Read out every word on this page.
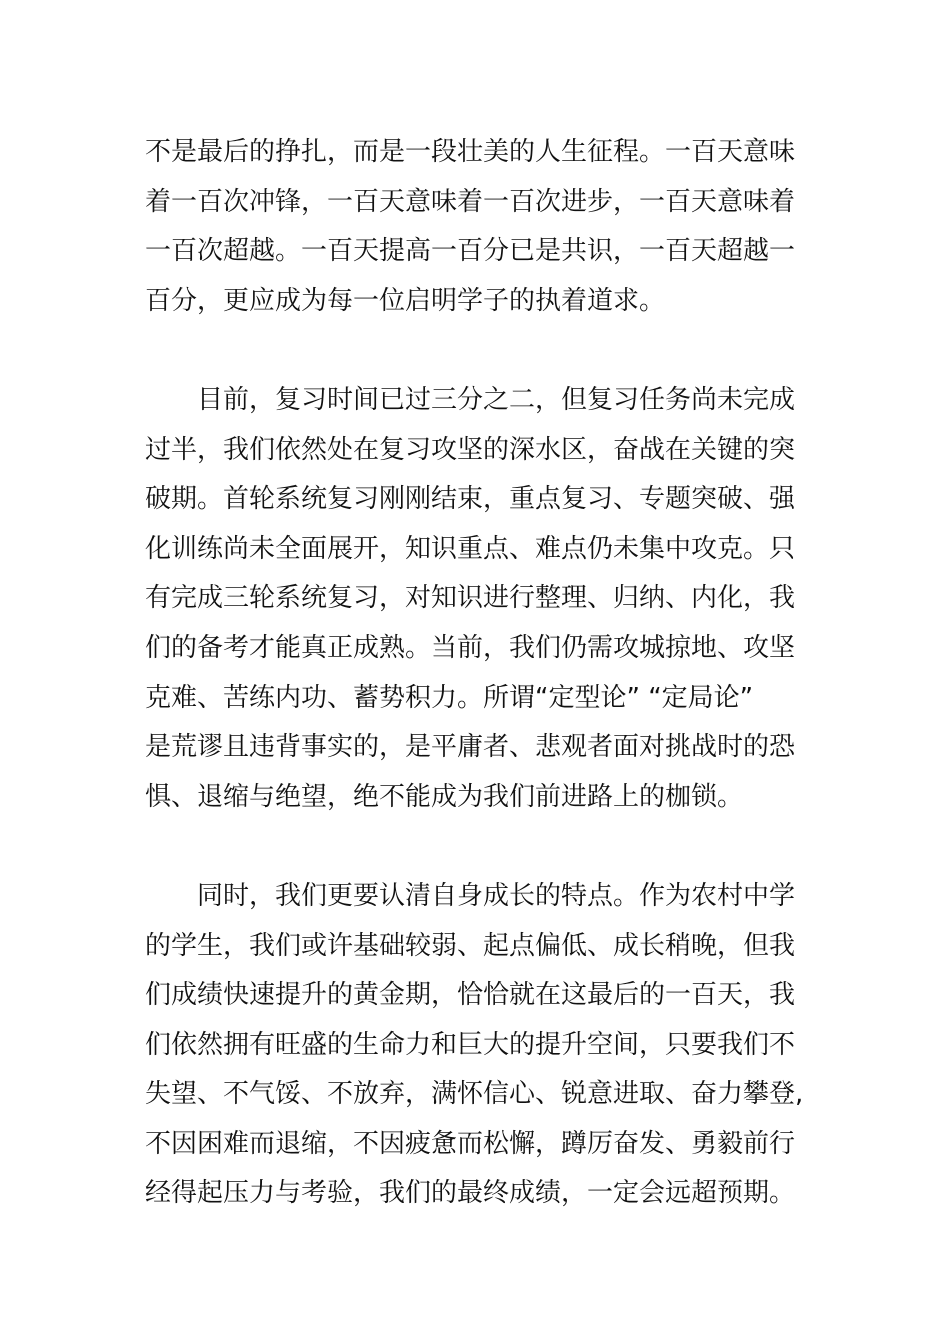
不是最后的挣扎，而是一段壮美的人生征程。一百天意味
着一百次冲锋，一百天意味着一百次进步，一百天意味着
一百次超越。一百天提高一百分已是共识，一百天超越一
百分，更应成为每一位启明学子的执着道求。
目前，复习时间已过三分之二，但复习任务尚未完成
过半，我们依然处在复习攻坚的深水区，奋战在关键的突
破期。首轮系统复习刚刚结束，重点复习、专题突破、强
化训练尚未全面展开，知识重点、难点仍未集中攻克。只
有完成三轮系统复习，对知识进行整理、归纳、内化，我
们的备考才能真正成熟。当前，我们仍需攻城掠地、攻坚
克难、苦练内功、蓄势积力。所谓“定型论” “定局论”
是荒谬且违背事实的，是平庸者、悲观者面对挑战时的恐
惧、退缩与绝望，绝不能成为我们前进路上的枷锁。
同时，我们更要认清自身成长的特点。作为农村中学
的学生，我们或许基础较弱、起点偏低、成长稍晚，但我
们成绩快速提升的黄金期，恰恰就在这最后的一百天，我
们依然拥有旺盛的生命力和巨大的提升空间，只要我们不
失望、不气馁、不放弃，满怀信心、锐意进取、奋力攀登,
不因困难而退缩，不因疲惫而松懈，蹲厉奋发、勇毅前行
经得起压力与考验，我们的最终成绩，一定会远超预期。
